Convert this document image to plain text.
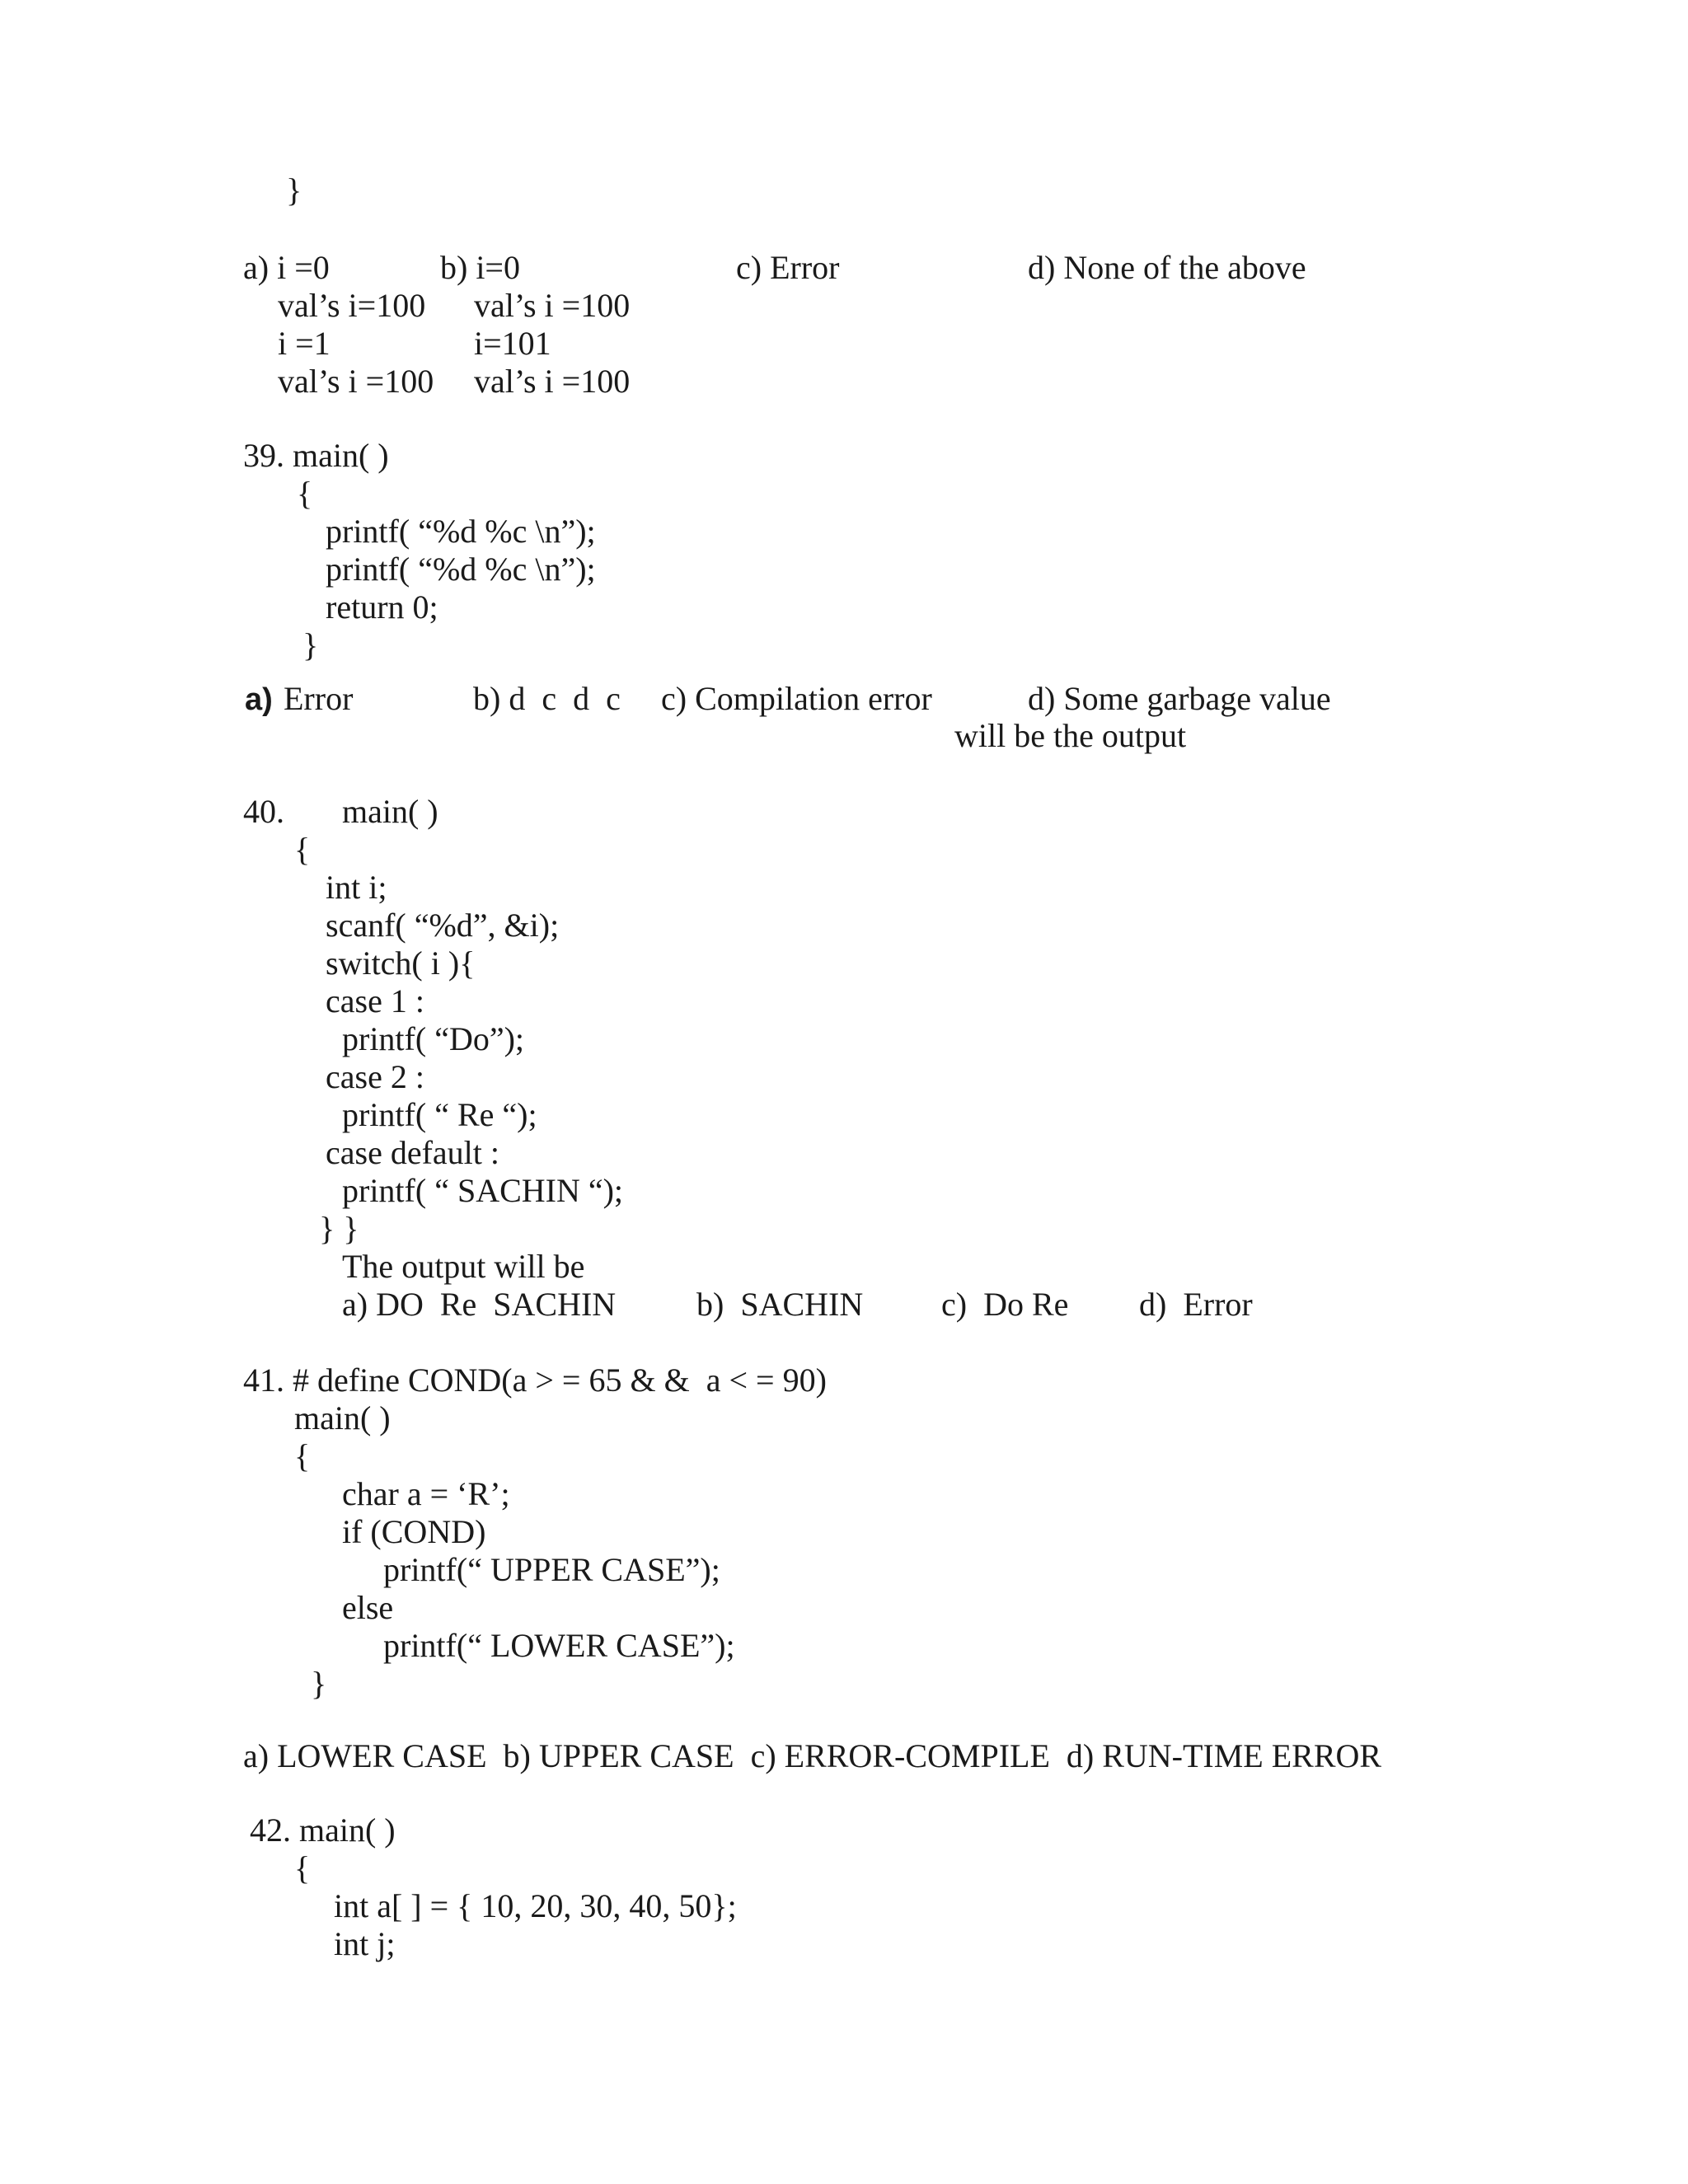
}
a) i =0
val’s i=100
i =1
val’s i =100
b) i=0
val’s i =100
i=101
val’s i =100
c) Error	d) None of the above
39. main( )
{
printf( “%d %c \n”);
printf( “%d %c \n”);
return 0;
}
a) Error	b) d  c  d  c c) Compilation error	d) Some garbage value
will be the output
40. main( )
{
int i;
scanf( “%d”, &i);
switch( i ){
case 1 :
printf( “Do”);
case 2 :
printf( “ Re “);
case default :
printf( “ SACHIN “);
} }
The output will be
a) DO  Re  SACHIN b)  SACHIN c)  Do Re d)  Error
41. # define COND(a > = 65 & &  a < = 90)
main( )
{
char a = ‘R’;
if (COND)
printf(“ UPPER CASE”);
else
printf(“ LOWER CASE”);
}
a) LOWER CASE  b) UPPER CASE  c) ERROR-COMPILE  d) RUN-TIME ERROR
42. main( )
{
int a[ ] = { 10, 20, 30, 40, 50};
int j;
